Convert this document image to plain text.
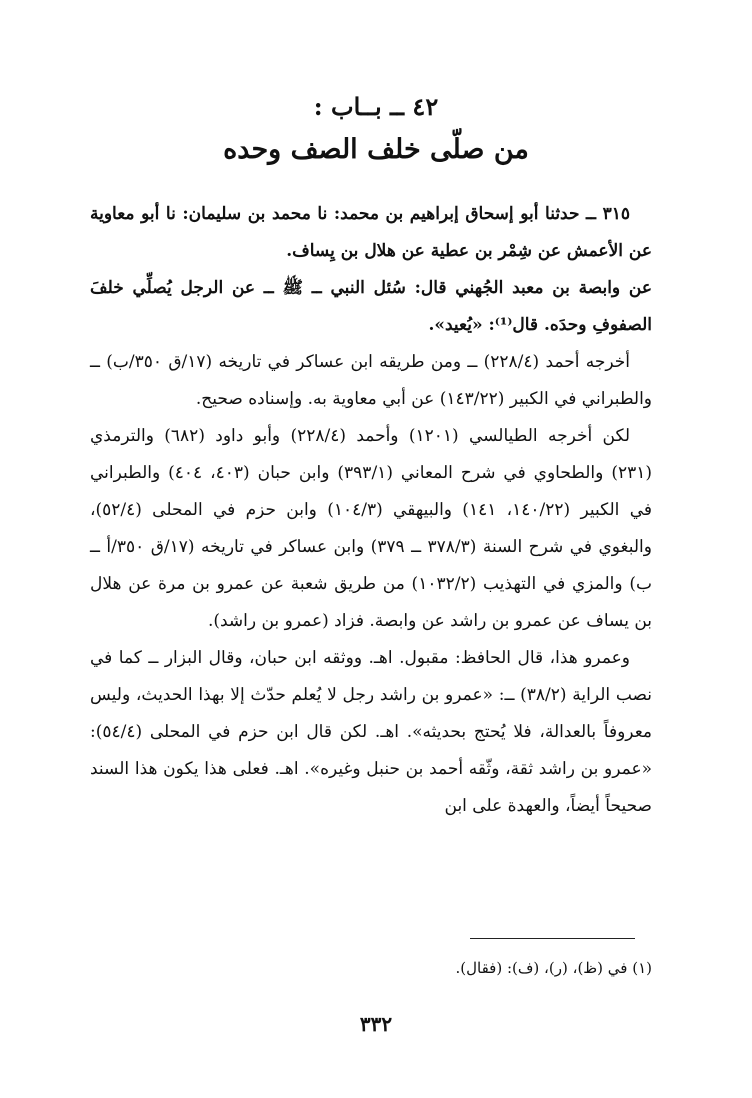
٤٢ ــ بــاب :
من صلّى خلف الصف وحده

٣١٥ ــ حدثنا أبو إسحاق إبراهيم بن محمد: نا محمد بن سليمان: نا أبو معاوية عن الأعمش عن شِمْر بن عطية عن هلال بن يِساف.

عن وابصة بن معبد الجُهني قال: سُئل النبي ــ ﷺ ــ عن الرجل يُصلِّي خلفَ الصفوفِ وحدَه. قال⁽¹⁾: «يُعيد».

أخرجه أحمد (٢٢٨/٤) ــ ومن طريقه ابن عساكر في تاريخه (١٧/ق ٣٥٠/ب) ــ والطبراني في الكبير (١٤٣/٢٢) عن أبي معاوية به. وإسناده صحيح.

لكن أخرجه الطيالسي (١٢٠١) وأحمد (٢٢٨/٤) وأبو داود (٦٨٢) والترمذي (٢٣١) والطحاوي في شرح المعاني (٣٩٣/١) وابن حبان (٤٠٣، ٤٠٤) والطبراني في الكبير (١٤٠/٢٢، ١٤١) والبيهقي (١٠٤/٣) وابن حزم في المحلى (٥٢/٤)، والبغوي في شرح السنة (٣٧٨/٣ ــ ٣٧٩) وابن عساكر في تاريخه (١٧/ق ٣٥٠/أ ــ ب) والمزي في التهذيب (١٠٣٢/٢) من طريق شعبة عن عمرو بن مرة عن هلال بن يساف عن عمرو بن راشد عن وابصة. فزاد (عمرو بن راشد).

وعمرو هذا، قال الحافظ: مقبول. اهـ. ووثقه ابن حبان، وقال البزار ــ كما في نصب الراية (٣٨/٢) ــ: «عمرو بن راشد رجل لا يُعلم حدّث إلا بهذا الحديث، وليس معروفاً بالعدالة، فلا يُحتج بحديثه». اهـ. لكن قال ابن حزم في المحلى (٥٤/٤): «عمرو بن راشد ثقة، وثّقه أحمد بن حنبل وغيره». اهـ. فعلى هذا يكون هذا السند صحيحاً أيضاً، والعهدة على ابن

(١) في (ظ)، (ر)، (ف): (فقال).
٣٣٢
